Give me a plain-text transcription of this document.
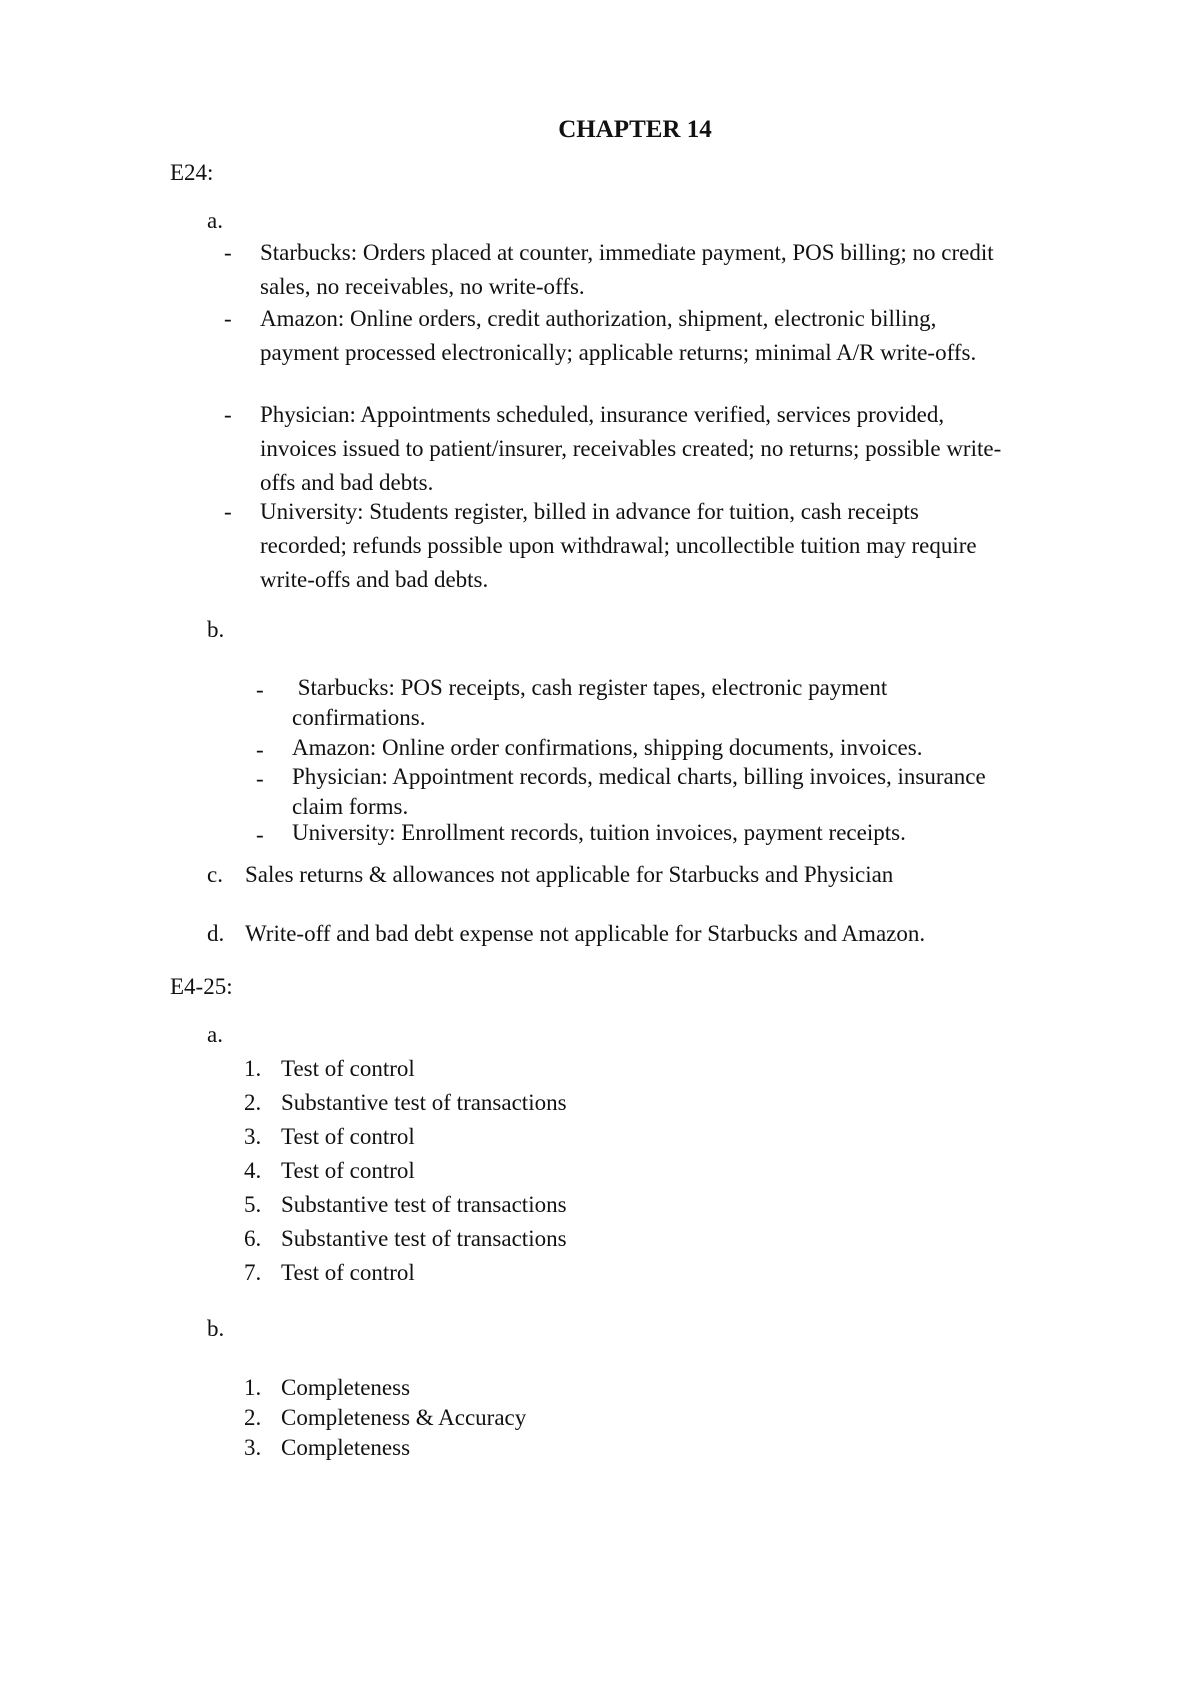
CHAPTER 14
E24:
a.
- Starbucks: Orders placed at counter, immediate payment, POS billing; no credit sales, no receivables, no write-offs.
- Amazon: Online orders, credit authorization, shipment, electronic billing, payment processed electronically; applicable returns; minimal A/R write-offs.
- Physician: Appointments scheduled, insurance verified, services provided, invoices issued to patient/insurer, receivables created; no returns; possible write-offs and bad debts.
- University: Students register, billed in advance for tuition, cash receipts recorded; refunds possible upon withdrawal; uncollectible tuition may require write-offs and bad debts.
b.
- Starbucks: POS receipts, cash register tapes, electronic payment confirmations.
- Amazon: Online order confirmations, shipping documents, invoices.
- Physician: Appointment records, medical charts, billing invoices, insurance claim forms.
- University: Enrollment records, tuition invoices, payment receipts.
c. Sales returns & allowances not applicable for Starbucks and Physician
d. Write-off and bad debt expense not applicable for Starbucks and Amazon.
E4-25:
a.
1. Test of control
2. Substantive test of transactions
3. Test of control
4. Test of control
5. Substantive test of transactions
6. Substantive test of transactions
7. Test of control
b.
1. Completeness
2. Completeness & Accuracy
3. Completeness
